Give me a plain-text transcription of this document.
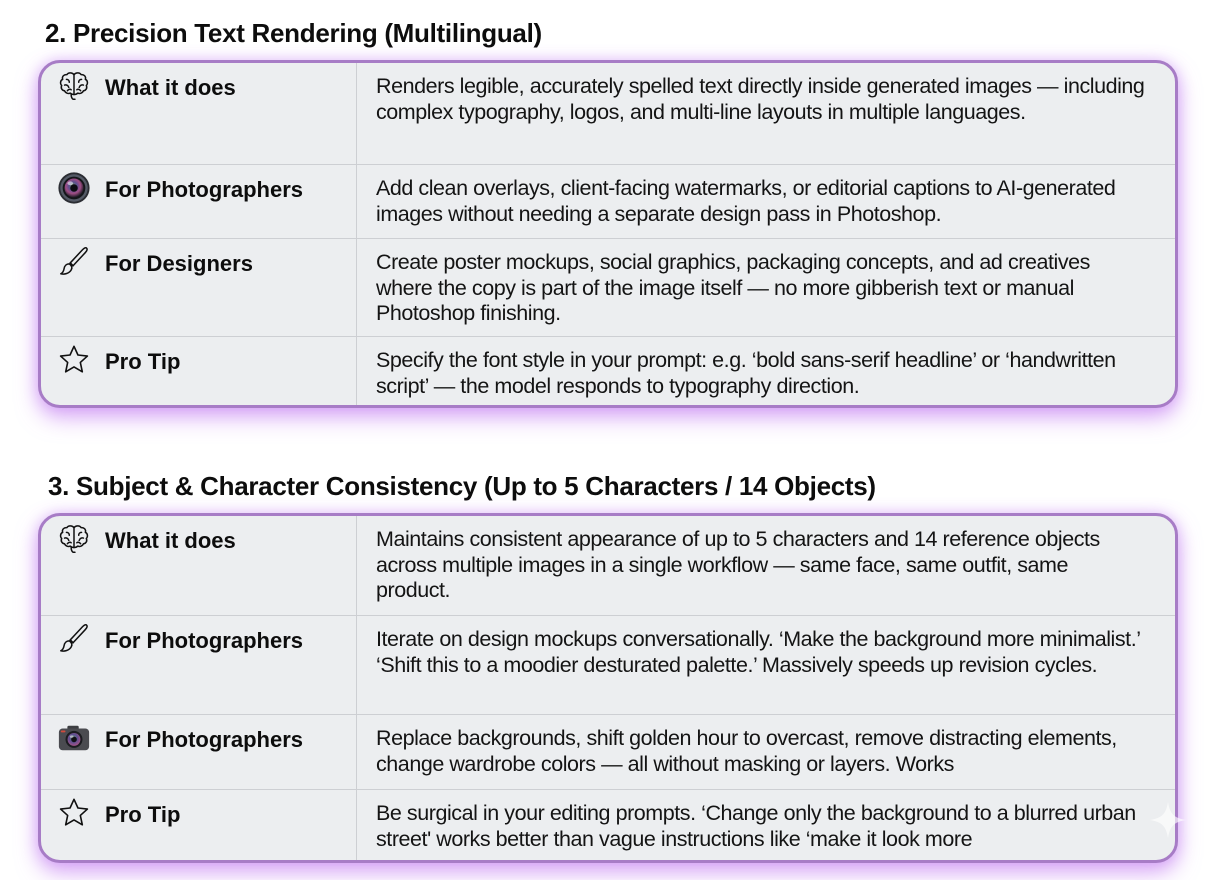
2. Precision Text Rendering (Multilingual)
What it does	Renders legible, accurately spelled text directly inside generated images — including complex typography, logos, and multi-line layouts in multiple languages.
For Photographers	Add clean overlays, client-facing watermarks, or editorial captions to AI-generated images without needing a separate design pass in Photoshop.
For Designers	Create poster mockups, social graphics, packaging concepts, and ad creatives where the copy is part of the image itself — no more gibberish text or manual Photoshop finishing.
Pro Tip	Specify the font style in your prompt: e.g. ‘bold sans-serif headline’ or ‘handwritten script’ — the model responds to typography direction.
3. Subject & Character Consistency (Up to 5 Characters / 14 Objects)
What it does	Maintains consistent appearance of up to 5 characters and 14 reference objects across multiple images in a single workflow — same face, same outfit, same product.
For Photographers	Iterate on design mockups conversationally. ‘Make the background more minimalist.’ ‘Shift this to a moodier desturated palette.’ Massively speeds up revision cycles.
For Photographers	Replace backgrounds, shift golden hour to overcast, remove distracting elements, change wardrobe colors — all without masking or layers. Works
Pro Tip	Be surgical in your editing prompts. ‘Change only the background to a blurred urban street' works better than vague instructions like ‘make it look more
